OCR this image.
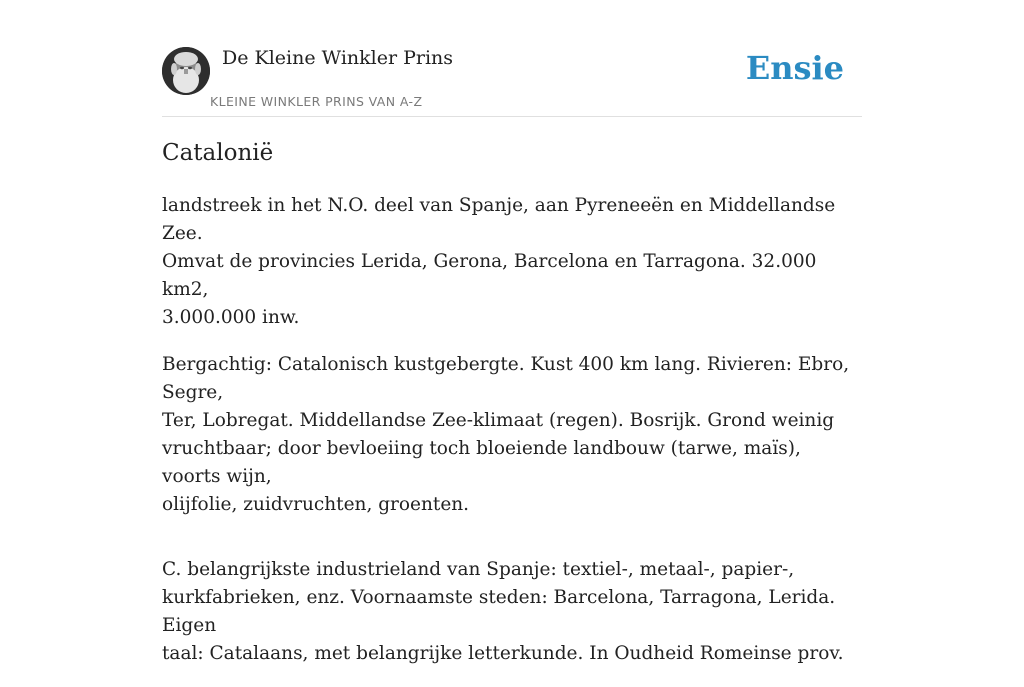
De Kleine Winkler Prins
KLEINE WINKLER PRINS VAN A-Z
Ensie
Catalonië

landstreek in het N.O. deel van Spanje, aan Pyreneeën en Middellandse Zee.
Omvat de provincies Lerida, Gerona, Barcelona en Tarragona. 32.000 km2,
3.000.000 inw.

Bergachtig: Catalonisch kustgebergte. Kust 400 km lang. Rivieren: Ebro, Segre,
Ter, Lobregat. Middellandse Zee-klimaat (regen). Bosrijk. Grond weinig
vruchtbaar; door bevloeiing toch bloeiende landbouw (tarwe, maïs), voorts wijn,
olijfolie, zuidvruchten, groenten.

C. belangrijkste industrieland van Spanje: textiel-, metaal-, papier-,
kurkfabrieken, enz. Voornaamste steden: Barcelona, Tarragona, Lerida. Eigen
taal: Catalaans, met belangrijke letterkunde. In Oudheid Romeinse prov.
